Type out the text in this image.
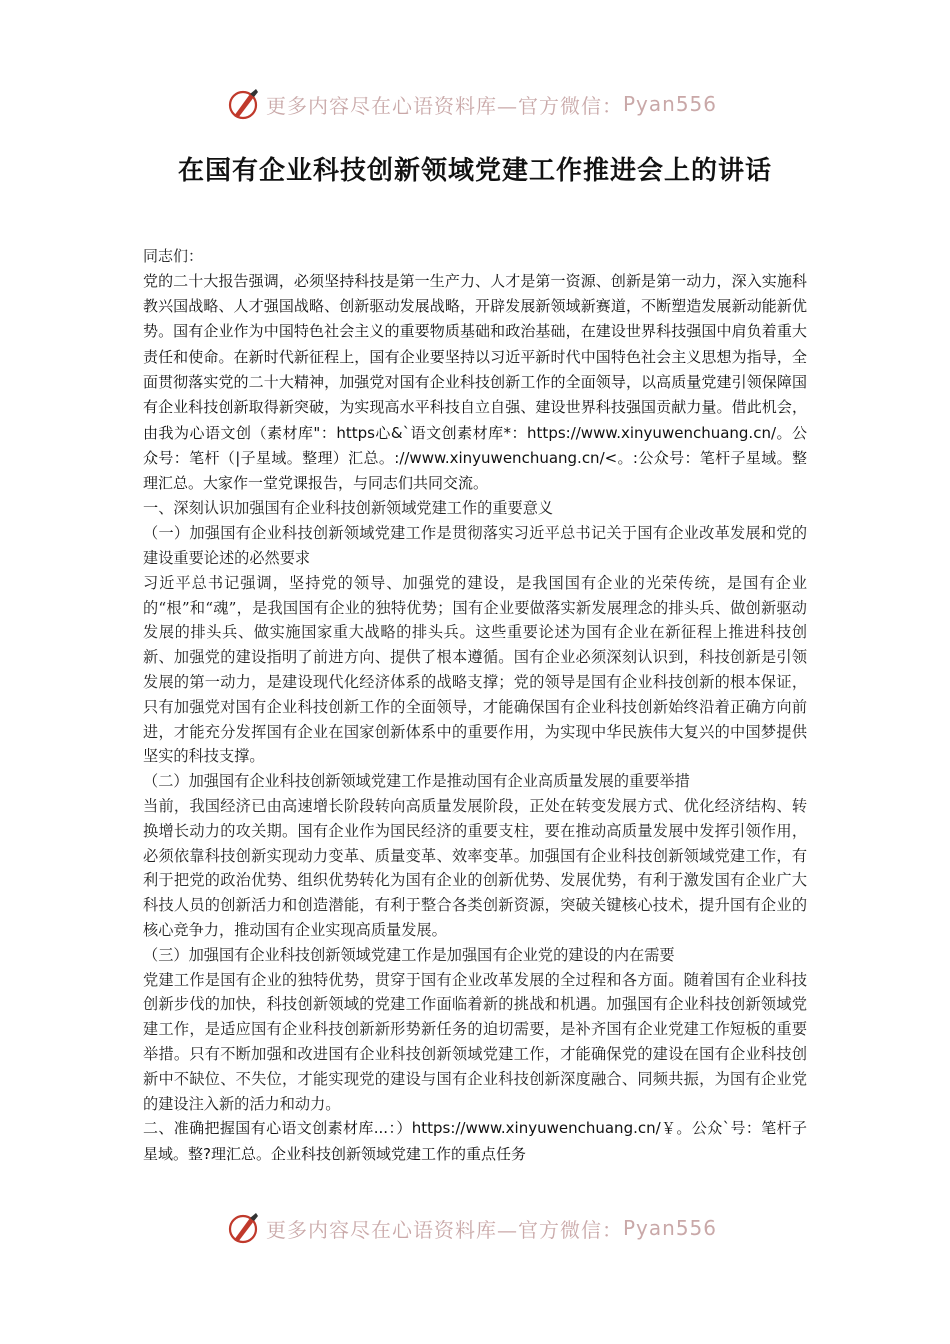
更多内容尽在心语资料库—官方微信： Pyan556
在国有企业科技创新领域党建工作推进会上的讲话

同志们：

党的二十大报告强调，必须坚持科技是第一生产力、人才是第一资源、创新是第一动力，深入实施科教兴国战略、人才强国战略、创新驱动发展战略，开辟发展新领域新赛道，不断塑造发展新动能新优势。国有企业作为中国特色社会主义的重要物质基础和政治基础，在建设世界科技强国中肩负着重大责任和使命。在新时代新征程上，国有企业要坚持以习近平新时代中国特色社会主义思想为指导，全面贯彻落实党的二十大精神，加强党对国有企业科技创新工作的全面领导，以高质量党建引领保障国有企业科技创新取得新突破，为实现高水平科技自立自强、建设世界科技强国贡献力量。借此机会，由我为心语文创（素材库"：https心&`语文创素材库*：https://www.xinyuwenchuang.cn/。公众号：笔杆（|子星域。整理）汇总。://www.xinyuwenchuang.cn/<。:公众号：笔杆子星域。整理汇总。大家作一堂党课报告，与同志们共同交流。

一、深刻认识加强国有企业科技创新领域党建工作的重要意义

（一）加强国有企业科技创新领域党建工作是贯彻落实习近平总书记关于国有企业改革发展和党的建设重要论述的必然要求

习近平总书记强调，坚持党的领导、加强党的建设，是我国国有企业的光荣传统，是国有企业的“根”和“魂”，是我国国有企业的独特优势；国有企业要做落实新发展理念的排头兵、做创新驱动发展的排头兵、做实施国家重大战略的排头兵。这些重要论述为国有企业在新征程上推进科技创新、加强党的建设指明了前进方向、提供了根本遵循。国有企业必须深刻认识到，科技创新是引领发展的第一动力，是建设现代化经济体系的战略支撑；党的领导是国有企业科技创新的根本保证，只有加强党对国有企业科技创新工作的全面领导，才能确保国有企业科技创新始终沿着正确方向前进，才能充分发挥国有企业在国家创新体系中的重要作用，为实现中华民族伟大复兴的中国梦提供坚实的科技支撑。

（二）加强国有企业科技创新领域党建工作是推动国有企业高质量发展的重要举措

当前，我国经济已由高速增长阶段转向高质量发展阶段，正处在转变发展方式、优化经济结构、转换增长动力的攻关期。国有企业作为国民经济的重要支柱，要在推动高质量发展中发挥引领作用，必须依靠科技创新实现动力变革、质量变革、效率变革。加强国有企业科技创新领域党建工作，有利于把党的政治优势、组织优势转化为国有企业的创新优势、发展优势，有利于激发国有企业广大科技人员的创新活力和创造潜能，有利于整合各类创新资源，突破关键核心技术，提升国有企业的核心竞争力，推动国有企业实现高质量发展。

（三）加强国有企业科技创新领域党建工作是加强国有企业党的建设的内在需要

党建工作是国有企业的独特优势，贯穿于国有企业改革发展的全过程和各方面。随着国有企业科技创新步伐的加快，科技创新领域的党建工作面临着新的挑战和机遇。加强国有企业科技创新领域党建工作，是适应国有企业科技创新新形势新任务的迫切需要，是补齐国有企业党建工作短板的重要举措。只有不断加强和改进国有企业科技创新领域党建工作，才能确保党的建设在国有企业科技创新中不缺位、不失位，才能实现党的建设与国有企业科技创新深度融合、同频共振，为国有企业党的建设注入新的活力和动力。

二、准确把握国有心语文创素材库...：）https://www.xinyuwenchuang.cn/￥。公众`号：笔杆子星域。整?理汇总。企业科技创新领域党建工作的重点任务

更多内容尽在心语资料库—官方微信： Pyan556
